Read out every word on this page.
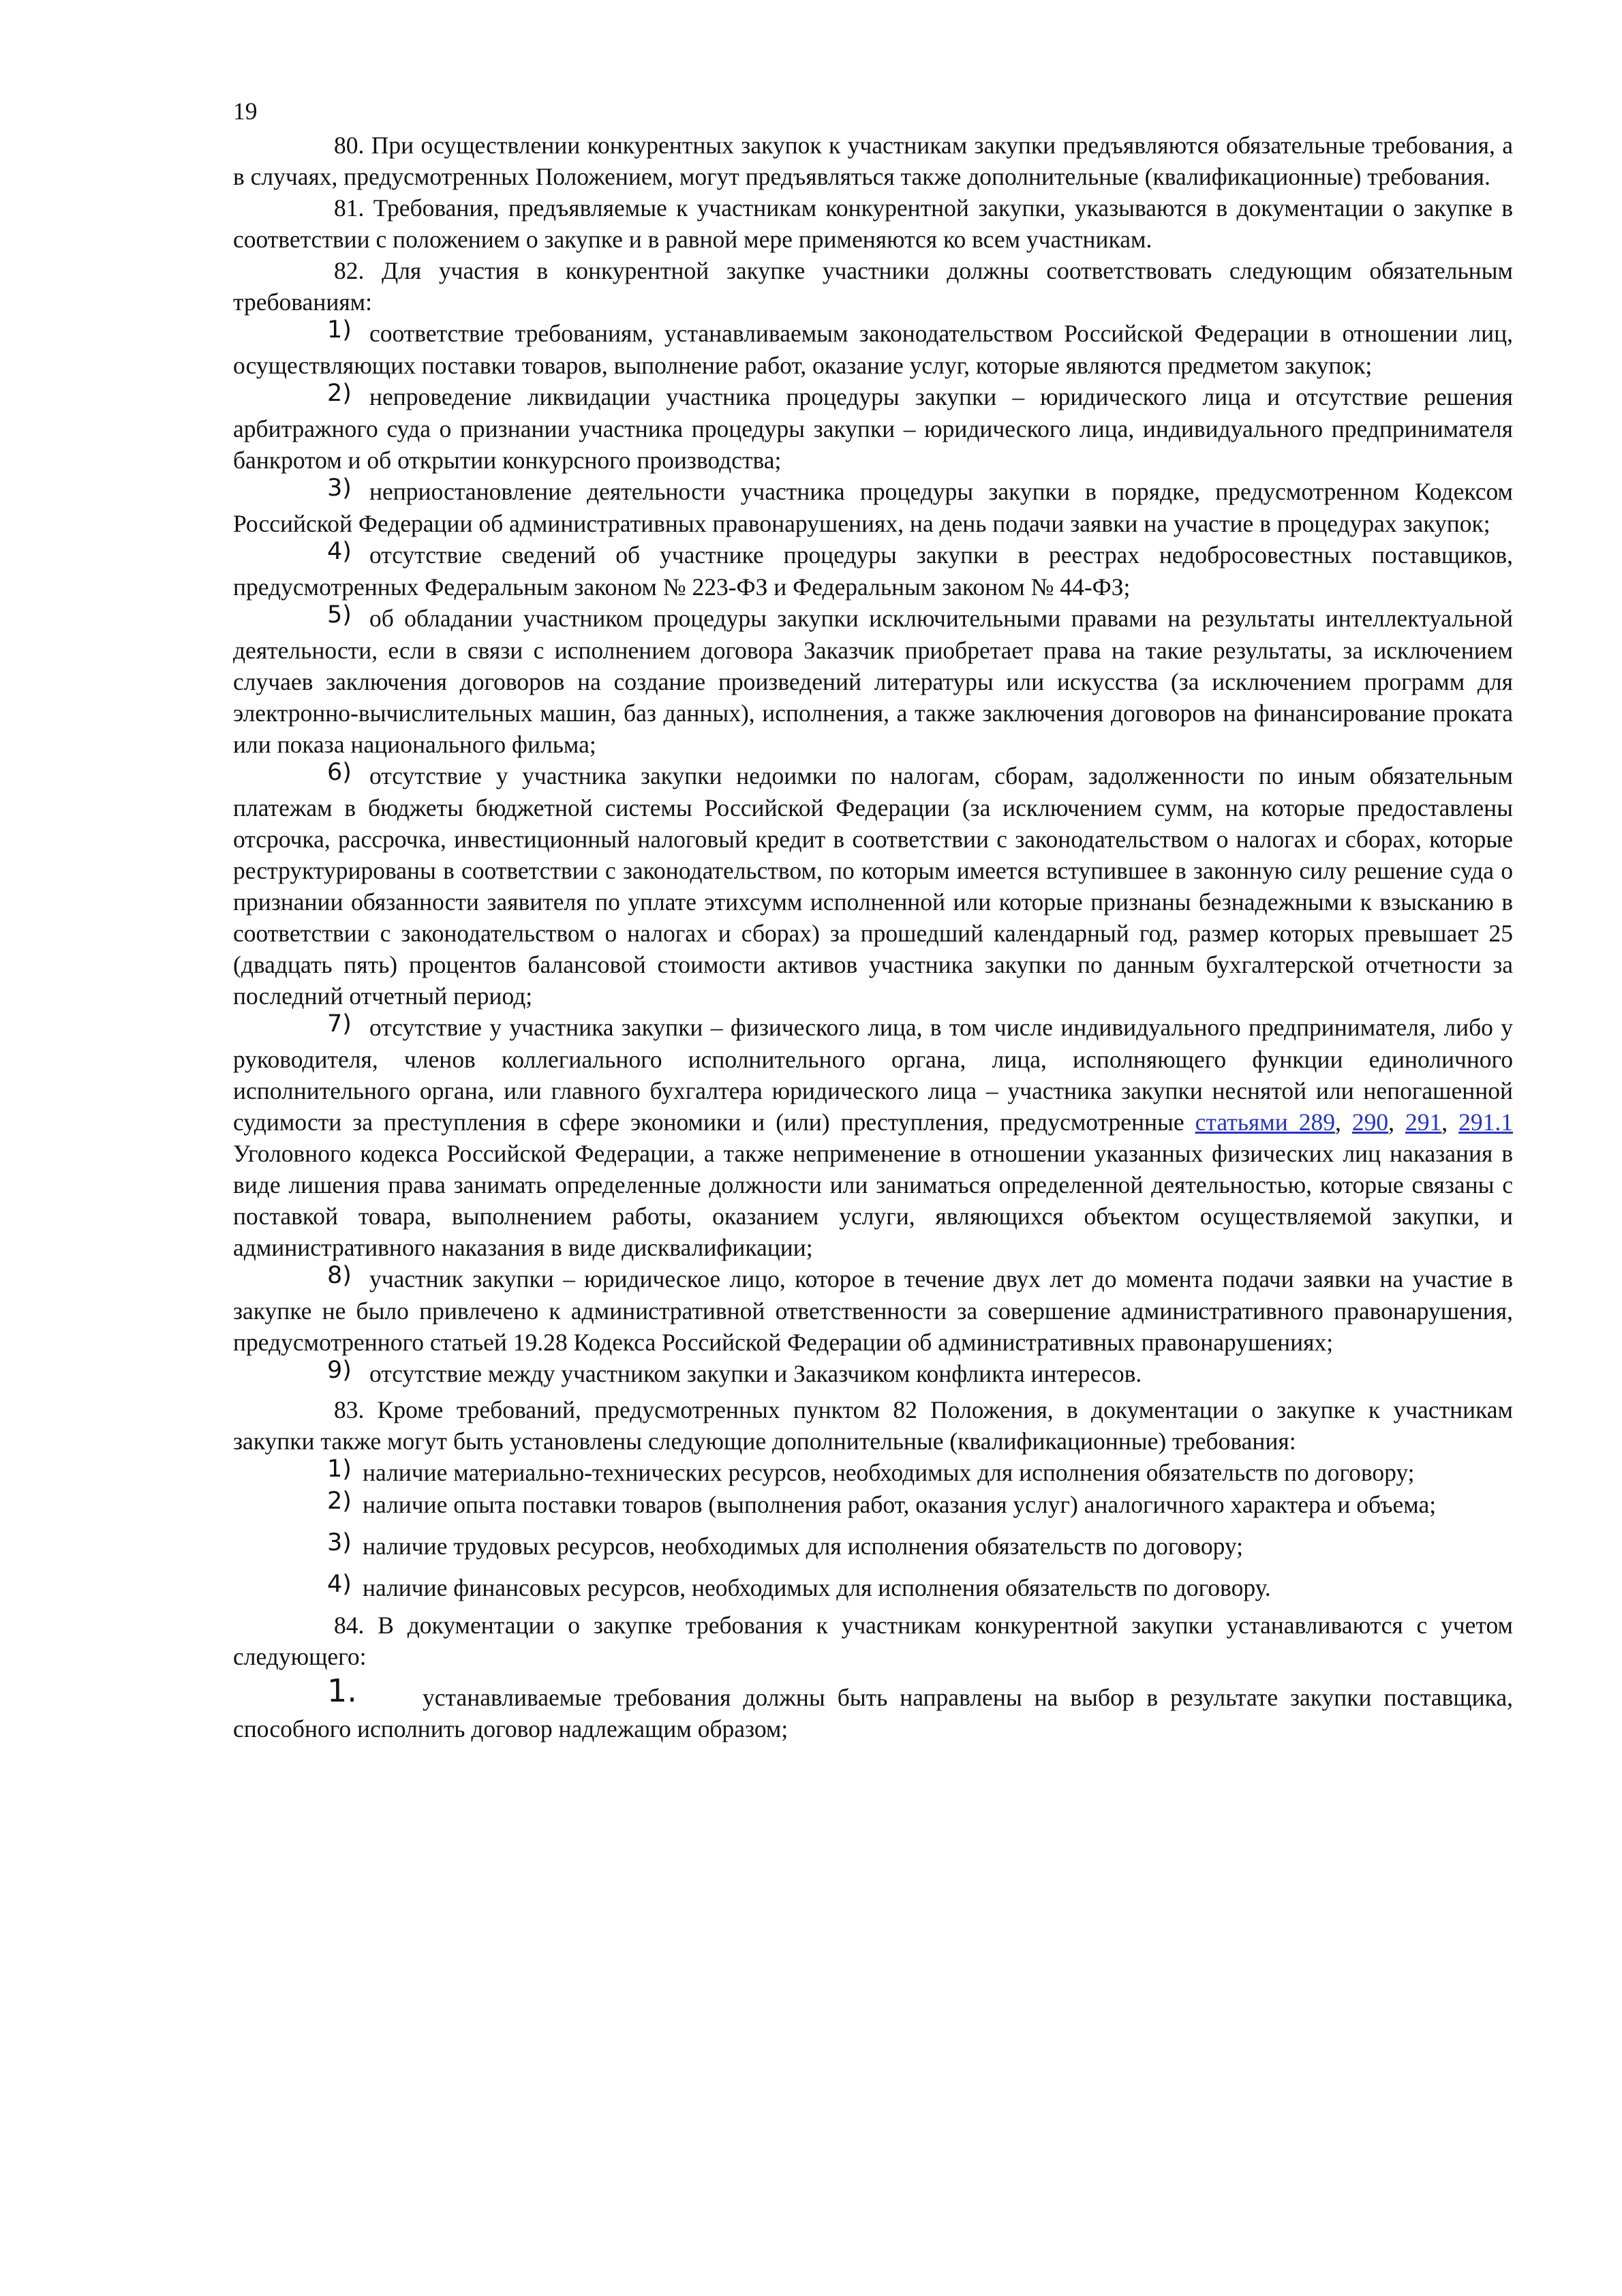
19

80. При осуществлении конкурентных закупок к участникам закупки предъявляются обязательные требования, а в случаях, предусмотренных Положением, могут предъявляться также дополнительные (квалификационные) требования.

81. Требования, предъявляемые к участникам конкурентной закупки, указываются в документации о закупке в соответствии с положением о закупке и в равной мере применяются ко всем участникам.

82. Для участия в конкурентной закупке участники должны соответствовать следующим обязательным требованиям:

1) соответствие требованиям, устанавливаемым законодательством Российской Федерации в отношении лиц, осуществляющих поставки товаров, выполнение работ, оказание услуг, которые являются предметом закупок;

2) непроведение ликвидации участника процедуры закупки – юридического лица и отсутствие решения арбитражного суда о признании участника процедуры закупки – юридического лица, индивидуального предпринимателя банкротом и об открытии конкурсного производства;

3) неприостановление деятельности участника процедуры закупки в порядке, предусмотренном Кодексом Российской Федерации об административных правонарушениях, на день подачи заявки на участие в процедурах закупок;

4) отсутствие сведений об участнике процедуры закупки в реестрах недобросовестных поставщиков, предусмотренных Федеральным законом № 223-ФЗ и Федеральным законом № 44-ФЗ;

5) об обладании участником процедуры закупки исключительными правами на результаты интеллектуальной деятельности, если в связи с исполнением договора Заказчик приобретает права на такие результаты, за исключением случаев заключения договоров на создание произведений литературы или искусства (за исключением программ для электронно-вычислительных машин, баз данных), исполнения, а также заключения договоров на финансирование проката или показа национального фильма;

6) отсутствие у участника закупки недоимки по налогам, сборам, задолженности по иным обязательным платежам в бюджеты бюджетной системы Российской Федерации (за исключением сумм, на которые предоставлены отсрочка, рассрочка, инвестиционный налоговый кредит в соответствии с законодательством о налогах и сборах, которые реструктурированы в соответствии с законодательством, по которым имеется вступившее в законную силу решение суда о признании обязанности заявителя по уплате этихсумм исполненной или которые признаны безнадежными к взысканию в соответствии с законодательством о налогах и сборах) за прошедший календарный год, размер которых превышает 25 (двадцать пять) процентов балансовой стоимости активов участника закупки по данным бухгалтерской отчетности за последний отчетный период;

7) отсутствие у участника закупки – физического лица, в том числе индивидуального предпринимателя, либо у руководителя, членов коллегиального исполнительного органа, лица, исполняющего функции единоличного исполнительного органа, или главного бухгалтера юридического лица – участника закупки неснятой или непогашенной судимости за преступления в сфере экономики и (или) преступления, предусмотренные статьями 289, 290, 291, 291.1 Уголовного кодекса Российской Федерации, а также неприменение в отношении указанных физических лиц наказания в виде лишения права занимать определенные должности или заниматься определенной деятельностью, которые связаны с поставкой товара, выполнением работы, оказанием услуги, являющихся объектом осуществляемой закупки, и административного наказания в виде дисквалификации;

8) участник закупки – юридическое лицо, которое в течение двух лет до момента подачи заявки на участие в закупке не было привлечено к административной ответственности за совершение административного правонарушения, предусмотренного статьей 19.28 Кодекса Российской Федерации об административных правонарушениях;

9) отсутствие между участником закупки и Заказчиком конфликта интересов.

83. Кроме требований, предусмотренных пунктом 82 Положения, в документации о закупке к участникам закупки также могут быть установлены следующие дополнительные (квалификационные) требования:

1) наличие материально-технических ресурсов, необходимых для исполнения обязательств по договору;

2) наличие опыта поставки товаров (выполнения работ, оказания услуг) аналогичного характера и объема;

3) наличие трудовых ресурсов, необходимых для исполнения обязательств по договору;

4) наличие финансовых ресурсов, необходимых для исполнения обязательств по договору.

84. В документации о закупке требования к участникам конкурентной закупки устанавливаются с учетом следующего:

1.	устанавливаемые требования должны быть направлены на выбор в результате закупки поставщика, способного исполнить договор надлежащим образом;
